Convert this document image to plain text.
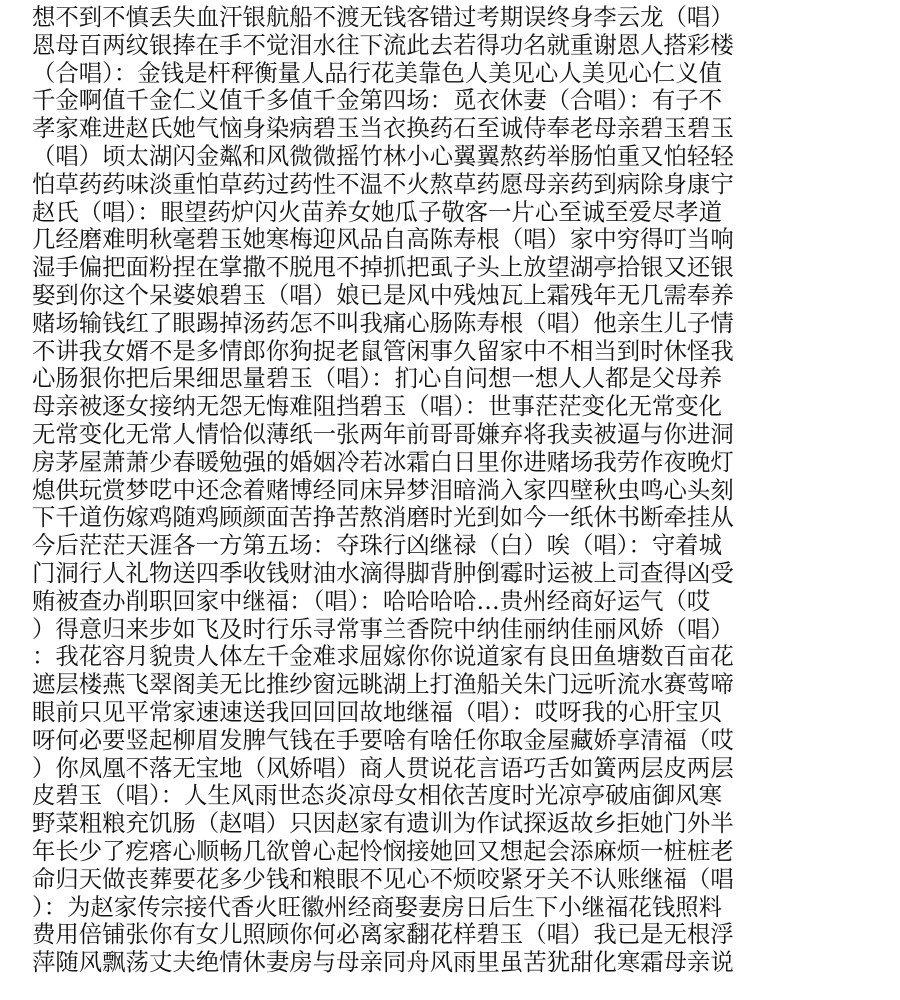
想不到不慎丢失血汗银航船不渡无钱客错过考期误终身李云龙（唱）
恩母百两纹银捧在手不觉泪水往下流此去若得功名就重谢恩人搭彩楼
（合唱）：金钱是杆秤衡量人品行花美靠色人美见心人美见心仁义值
千金啊值千金仁义值千多值千金第四场：觅衣休妻（合唱）：有子不
孝家难进赵氏她气恼身染病碧玉当衣换药石至诚侍奉老母亲碧玉碧玉
（唱）顷太湖闪金粼和风微微摇竹林小心翼翼熬药举肠怕重又怕轻轻
怕草药药味淡重怕草药过药性不温不火熬草药愿母亲药到病除身康宁
赵氏（唱）：眼望药炉闪火苗养女她瓜子敬客一片心至诚至爱尽孝道
几经磨难明秋毫碧玉她寒梅迎风品自高陈寿根（唱）家中穷得叮当响
湿手偏把面粉捏在掌撒不脱甩不掉抓把虱子头上放望湖亭拾银又还银
娶到你这个呆婆娘碧玉（唱）娘已是风中残烛瓦上霜残年无几需奉养
赌场输钱红了眼踢掉汤药怎不叫我痛心肠陈寿根（唱）他亲生儿子情
不讲我女婿不是多情郎你狗捉老鼠管闲事久留家中不相当到时休怪我
心肠狠你把后果细思量碧玉（唱）：扪心自问想一想人人都是父母养
母亲被逐女接纳无怨无悔难阻挡碧玉（唱）：世事茫茫变化无常变化
无常变化无常人情恰似薄纸一张两年前哥哥嫌弃将我卖被逼与你进洞
房茅屋萧萧少春暖勉强的婚姻冷若冰霜白日里你进赌场我劳作夜晚灯
熄供玩赏梦呓中还念着赌博经同床异梦泪暗淌入家四壁秋虫鸣心头刻
下千道伤嫁鸡随鸡顾颜面苦挣苦熬消磨时光到如今一纸休书断牵挂从
今后茫茫天涯各一方第五场：夺珠行凶继禄（白）唉（唱）：守着城
门洞行人礼物送四季收钱财油水滴得脚背肿倒霉时运被上司查得凶受
贿被查办削职回家中继福：（唱）：哈哈哈哈…贵州经商好运气（哎
）得意归来步如飞及时行乐寻常事兰香院中纳佳丽纳佳丽风娇（唱）
：我花容月貌贵人体左千金难求屈嫁你你说道家有良田鱼塘数百亩花
遮层楼燕飞翠阁美无比推纱窗远眺湖上打渔船关朱门远听流水赛莺啼
眼前只见平常家速速送我回回回故地继福（唱）：哎呀我的心肝宝贝
呀何必要竖起柳眉发脾气钱在手要啥有啥任你取金屋藏娇享清福（哎
）你凤凰不落无宝地（风娇唱）商人贯说花言语巧舌如簧两层皮两层
皮碧玉（唱）：人生风雨世态炎凉母女相依苦度时光凉亭破庙御风寒
野菜粗粮充饥肠（赵唱）只因赵家有遗训为作试探返故乡拒她门外半
年长少了疙瘩心顺畅几欲曾心起怜悯接她回又想起会添麻烦一桩桩老
命归天做丧葬要花多少钱和粮眼不见心不烦咬紧牙关不认账继福（唱
）：为赵家传宗接代香火旺徽州经商娶妻房日后生下小继福花钱照料
费用倍铺张你有女儿照顾你何必离家翻花样碧玉（唱）我已是无根浮
萍随风飘荡丈夫绝情休妻房与母亲同舟风雨里虽苦犹甜化寒霜母亲说
